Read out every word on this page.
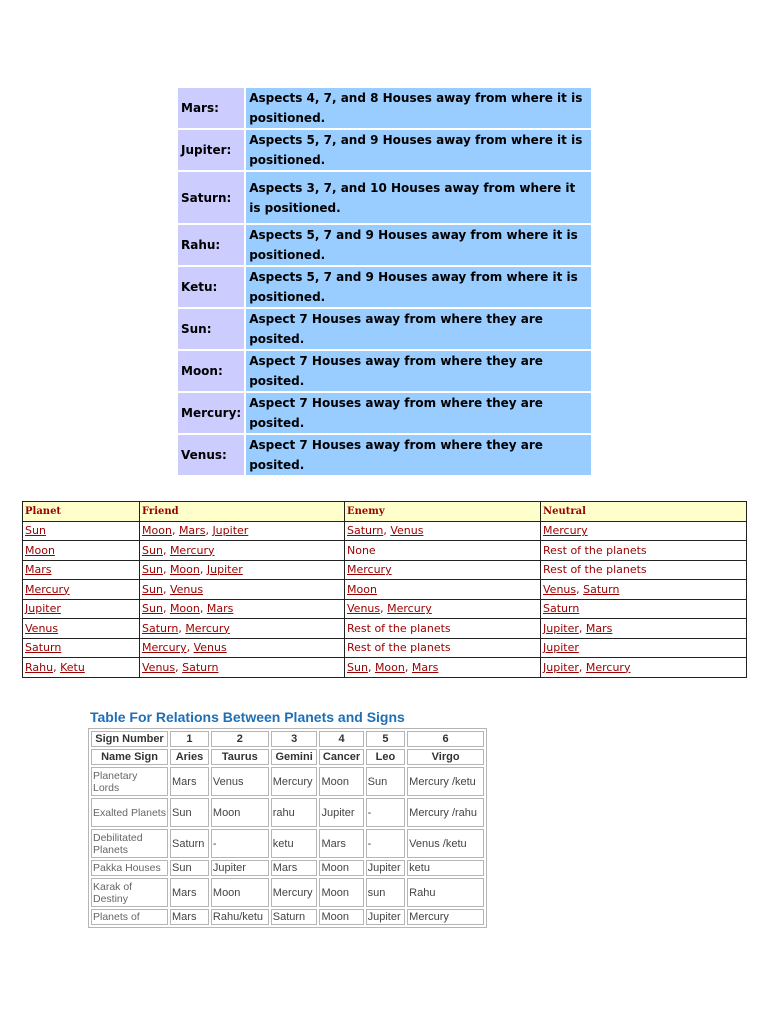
Mars:	Aspects 4, 7, and 8 Houses away from where it is positioned.
Jupiter:	Aspects 5, 7, and 9 Houses away from where it is positioned.
Saturn:	Aspects 3, 7, and 10 Houses away from where it is positioned.
Rahu:	Aspects 5, 7 and 9 Houses away from where it is positioned.
Ketu:	Aspects 5, 7 and 9 Houses away from where it is positioned.
Sun:	Aspect 7 Houses away from where they are posited.
Moon:	Aspect 7 Houses away from where they are posited.
Mercury:	Aspect 7 Houses away from where they are posited.
Venus:	Aspect 7 Houses away from where they are posited.
Planet	Friend	Enemy	Neutral
Sun	Moon, Mars, Jupiter	Saturn, Venus	Mercury
Moon	Sun, Mercury	None	Rest of the planets
Mars	Sun, Moon, Jupiter	Mercury	Rest of the planets
Mercury	Sun, Venus	Moon	Venus, Saturn
Jupiter	Sun, Moon, Mars	Venus, Mercury	Saturn
Venus	Saturn, Mercury	Rest of the planets	Jupiter, Mars
Saturn	Mercury, Venus	Rest of the planets	Jupiter
Rahu, Ketu	Venus, Saturn	Sun, Moon, Mars	Jupiter, Mercury
Table For Relations Between Planets and Signs
Sign Number	1	2	3	4	5	6
Name Sign	Aries	Taurus	Gemini	Cancer	Leo	Virgo
Planetary Lords	Mars	Venus	Mercury	Moon	Sun	Mercury /ketu
Exalted Planets	Sun	Moon	rahu	Jupiter	-	Mercury /rahu
Debilitated Planets	Saturn	-	ketu	Mars	-	Venus /ketu
Pakka Houses	Sun	Jupiter	Mars	Moon	Jupiter	ketu
Karak of Destiny	Mars	Moon	Mercury	Moon	sun	Rahu
Planets of	Mars	Rahu/ketu	Saturn	Moon	Jupiter	Mercury
